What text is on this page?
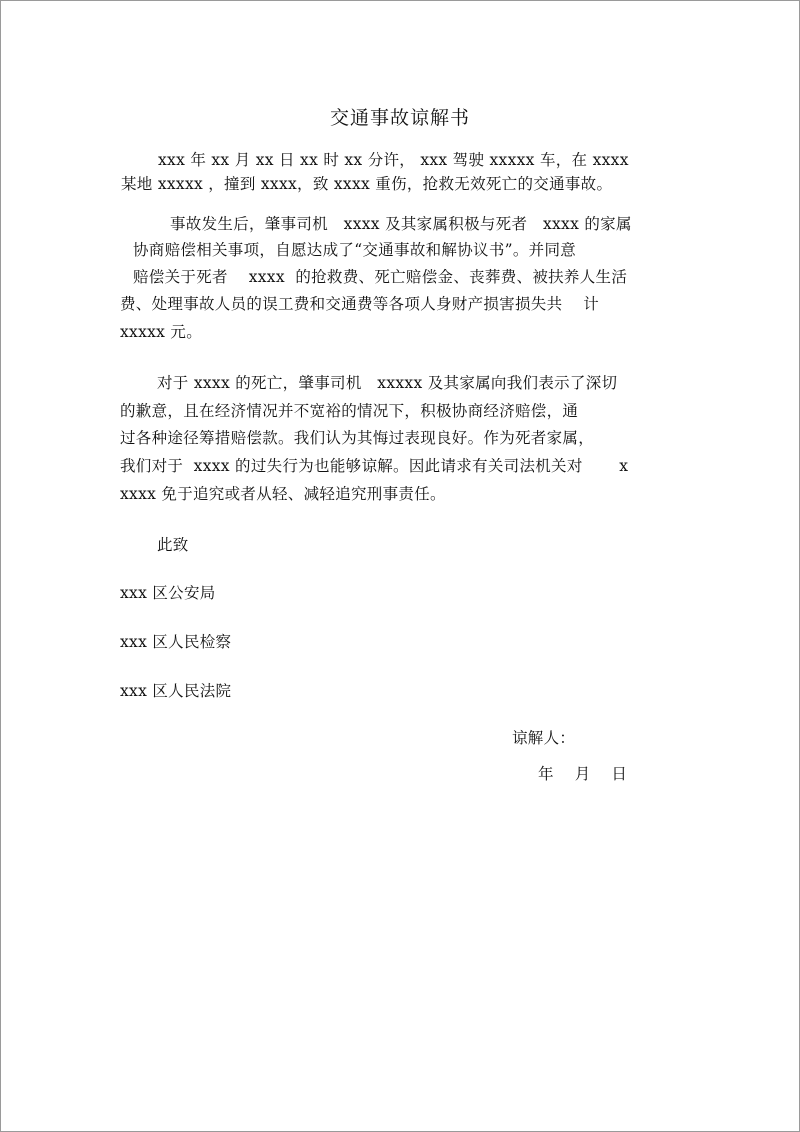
交通事故谅解书
xxx 年 xx 月 xx 日 xx 时 xx 分许， xxx 驾驶 xxxxx 车，在 xxxx
某地 xxxxx ，撞到 xxxx，致 xxxx 重伤，抢救无效死亡的交通事故。
事故发生后，肇事司机   xxxx 及其家属积极与死者   xxxx 的家属
协商赔偿相关事项，自愿达成了“交通事故和解协议书”。并同意
赔偿关于死者    xxxx  的抢救费、死亡赔偿金、丧葬费、被扶养人生活
费、处理事故人员的误工费和交通费等各项人身财产损害损失共    计
xxxxx 元。
对于 xxxx 的死亡，肇事司机   xxxxx 及其家属向我们表示了深切
的歉意，且在经济情况并不宽裕的情况下，积极协商经济赔偿，通
过各种途径筹措赔偿款。我们认为其悔过表现良好。作为死者家属，
我们对于  xxxx 的过失行为也能够谅解。因此请求有关司法机关对       x
xxxx 免于追究或者从轻、减轻追究刑事责任。
此致
xxx 区公安局
xxx 区人民检察
xxx 区人民法院
谅解人：
年    月    日
